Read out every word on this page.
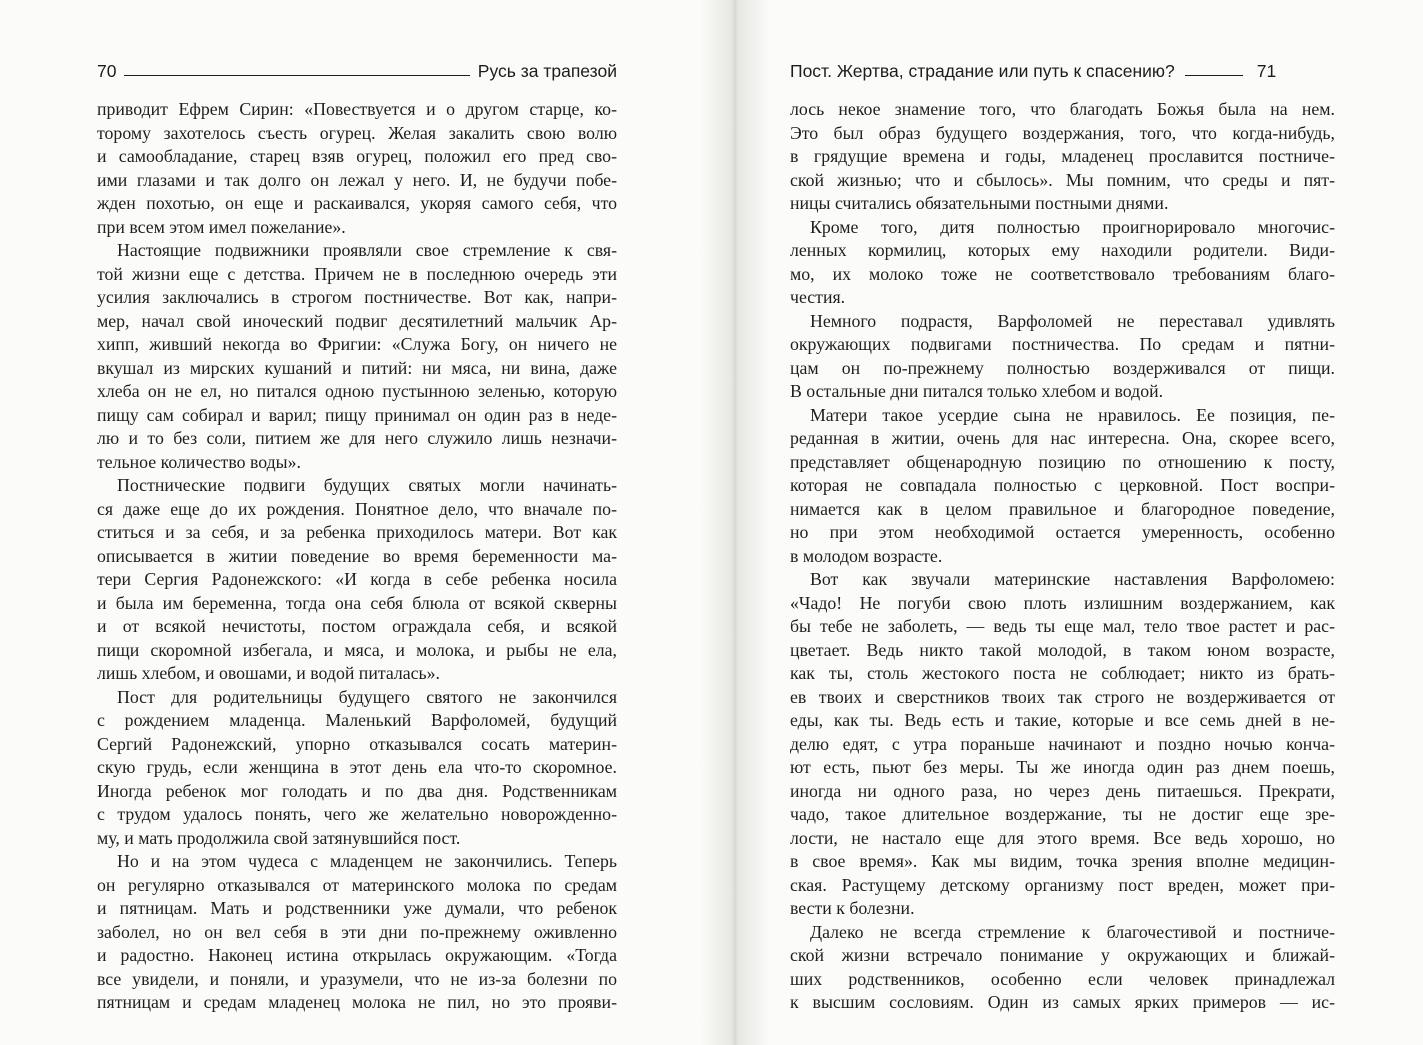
70	Русь за трапезой

приводит Ефрем Сирин: «Повествуется и о другом старце, ко-
торому захотелось съесть огурец. Желая закалить свою волю
и самообладание, старец взяв огурец, положил его пред сво-
ими глазами и так долго он лежал у него. И, не будучи побе-
жден похотью, он еще и раскаивался, укоряя самого себя, что
при всем этом имел пожелание».

Настоящие подвижники проявляли свое стремление к свя-
той жизни еще с детства. Причем не в последнюю очередь эти
усилия заключались в строгом постничестве. Вот как, напри-
мер, начал свой иноческий подвиг десятилетний мальчик Ар-
хипп, живший некогда во Фригии: «Служа Богу, он ничего не
вкушал из мирских кушаний и питий: ни мяса, ни вина, даже
хлеба он не ел, но питался одною пустынною зеленью, которую
пищу сам собирал и варил; пищу принимал он один раз в неде-
лю и то без соли, питием же для него служило лишь незначи-
тельное количество воды».

Постнические подвиги будущих святых могли начинать-
ся даже еще до их рождения. Понятное дело, что вначале по-
ститься и за себя, и за ребенка приходилось матери. Вот как
описывается в житии поведение во время беременности ма-
тери Сергия Радонежского: «И когда в себе ребенка носила
и была им беременна, тогда она себя блюла от всякой скверны
и от всякой нечистоты, постом ограждала себя, и всякой
пищи скоромной избегала, и мяса, и молока, и рыбы не ела,
лишь хлебом, и овошами, и водой питалась».

Пост для родительницы будущего святого не закончился
с рождением младенца. Маленький Варфоломей, будущий
Сергий Радонежский, упорно отказывался сосать материн-
скую грудь, если женщина в этот день ела что-то скоромное.
Иногда ребенок мог голодать и по два дня. Родственникам
с трудом удалось понять, чего же желательно новорожденно-
му, и мать продолжила свой затянувшийся пост.

Но и на этом чудеса с младенцем не закончились. Теперь
он регулярно отказывался от материнского молока по средам
и пятницам. Мать и родственники уже думали, что ребенок
заболел, но он вел себя в эти дни по-прежнему оживленно
и радостно. Наконец истина открылась окружающим. «Тогда
все увидели, и поняли, и уразумели, что не из-за болезни по
пятницам и средам младенец молока не пил, но это прояви-

Пост. Жертва, страдание или путь к спасению?	71

лось некое знамение того, что благодать Божья была на нем.
Это был образ будущего воздержания, того, что когда-нибудь,
в грядущие времена и годы, младенец прославится постниче-
ской жизнью; что и сбылось». Мы помним, что среды и пят-
ницы считались обязательными постными днями.

Кроме того, дитя полностью проигнорировало многочис-
ленных кормилиц, которых ему находили родители. Види-
мо, их молоко тоже не соответствовало требованиям благо-
честия.

Немного подрастя, Варфоломей не переставал удивлять
окружающих подвигами постничества. По средам и пятни-
цам он по-прежнему полностью воздерживался от пищи.
В остальные дни питался только хлебом и водой.

Матери такое усердие сына не нравилось. Ее позиция, пе-
реданная в житии, очень для нас интересна. Она, скорее всего,
представляет общенародную позицию по отношению к посту,
которая не совпадала полностью с церковной. Пост воспри-
нимается как в целом правильное и благородное поведение,
но при этом необходимой остается умеренность, особенно
в молодом возрасте.

Вот как звучали материнские наставления Варфоломею:
«Чадо! Не погуби свою плоть излишним воздержанием, как
бы тебе не заболеть, — ведь ты еще мал, тело твое растет и рас-
цветает. Ведь никто такой молодой, в таком юном возрасте,
как ты, столь жестокого поста не соблюдает; никто из брать-
ев твоих и сверстников твоих так строго не воздерживается от
еды, как ты. Ведь есть и такие, которые и все семь дней в не-
делю едят, с утра пораньше начинают и поздно ночью конча-
ют есть, пьют без меры. Ты же иногда один раз днем поешь,
иногда ни одного раза, но через день питаешься. Прекрати,
чадо, такое длительное воздержание, ты не достиг еще зре-
лости, не настало еще для этого время. Все ведь хорошо, но
в свое время». Как мы видим, точка зрения вполне медицин-
ская. Растущему детскому организму пост вреден, может при-
вести к болезни.

Далеко не всегда стремление к благочестивой и постниче-
ской жизни встречало понимание у окружающих и ближай-
ших родственников, особенно если человек принадлежал
к высшим сословиям. Один из самых ярких примеров — ис-
